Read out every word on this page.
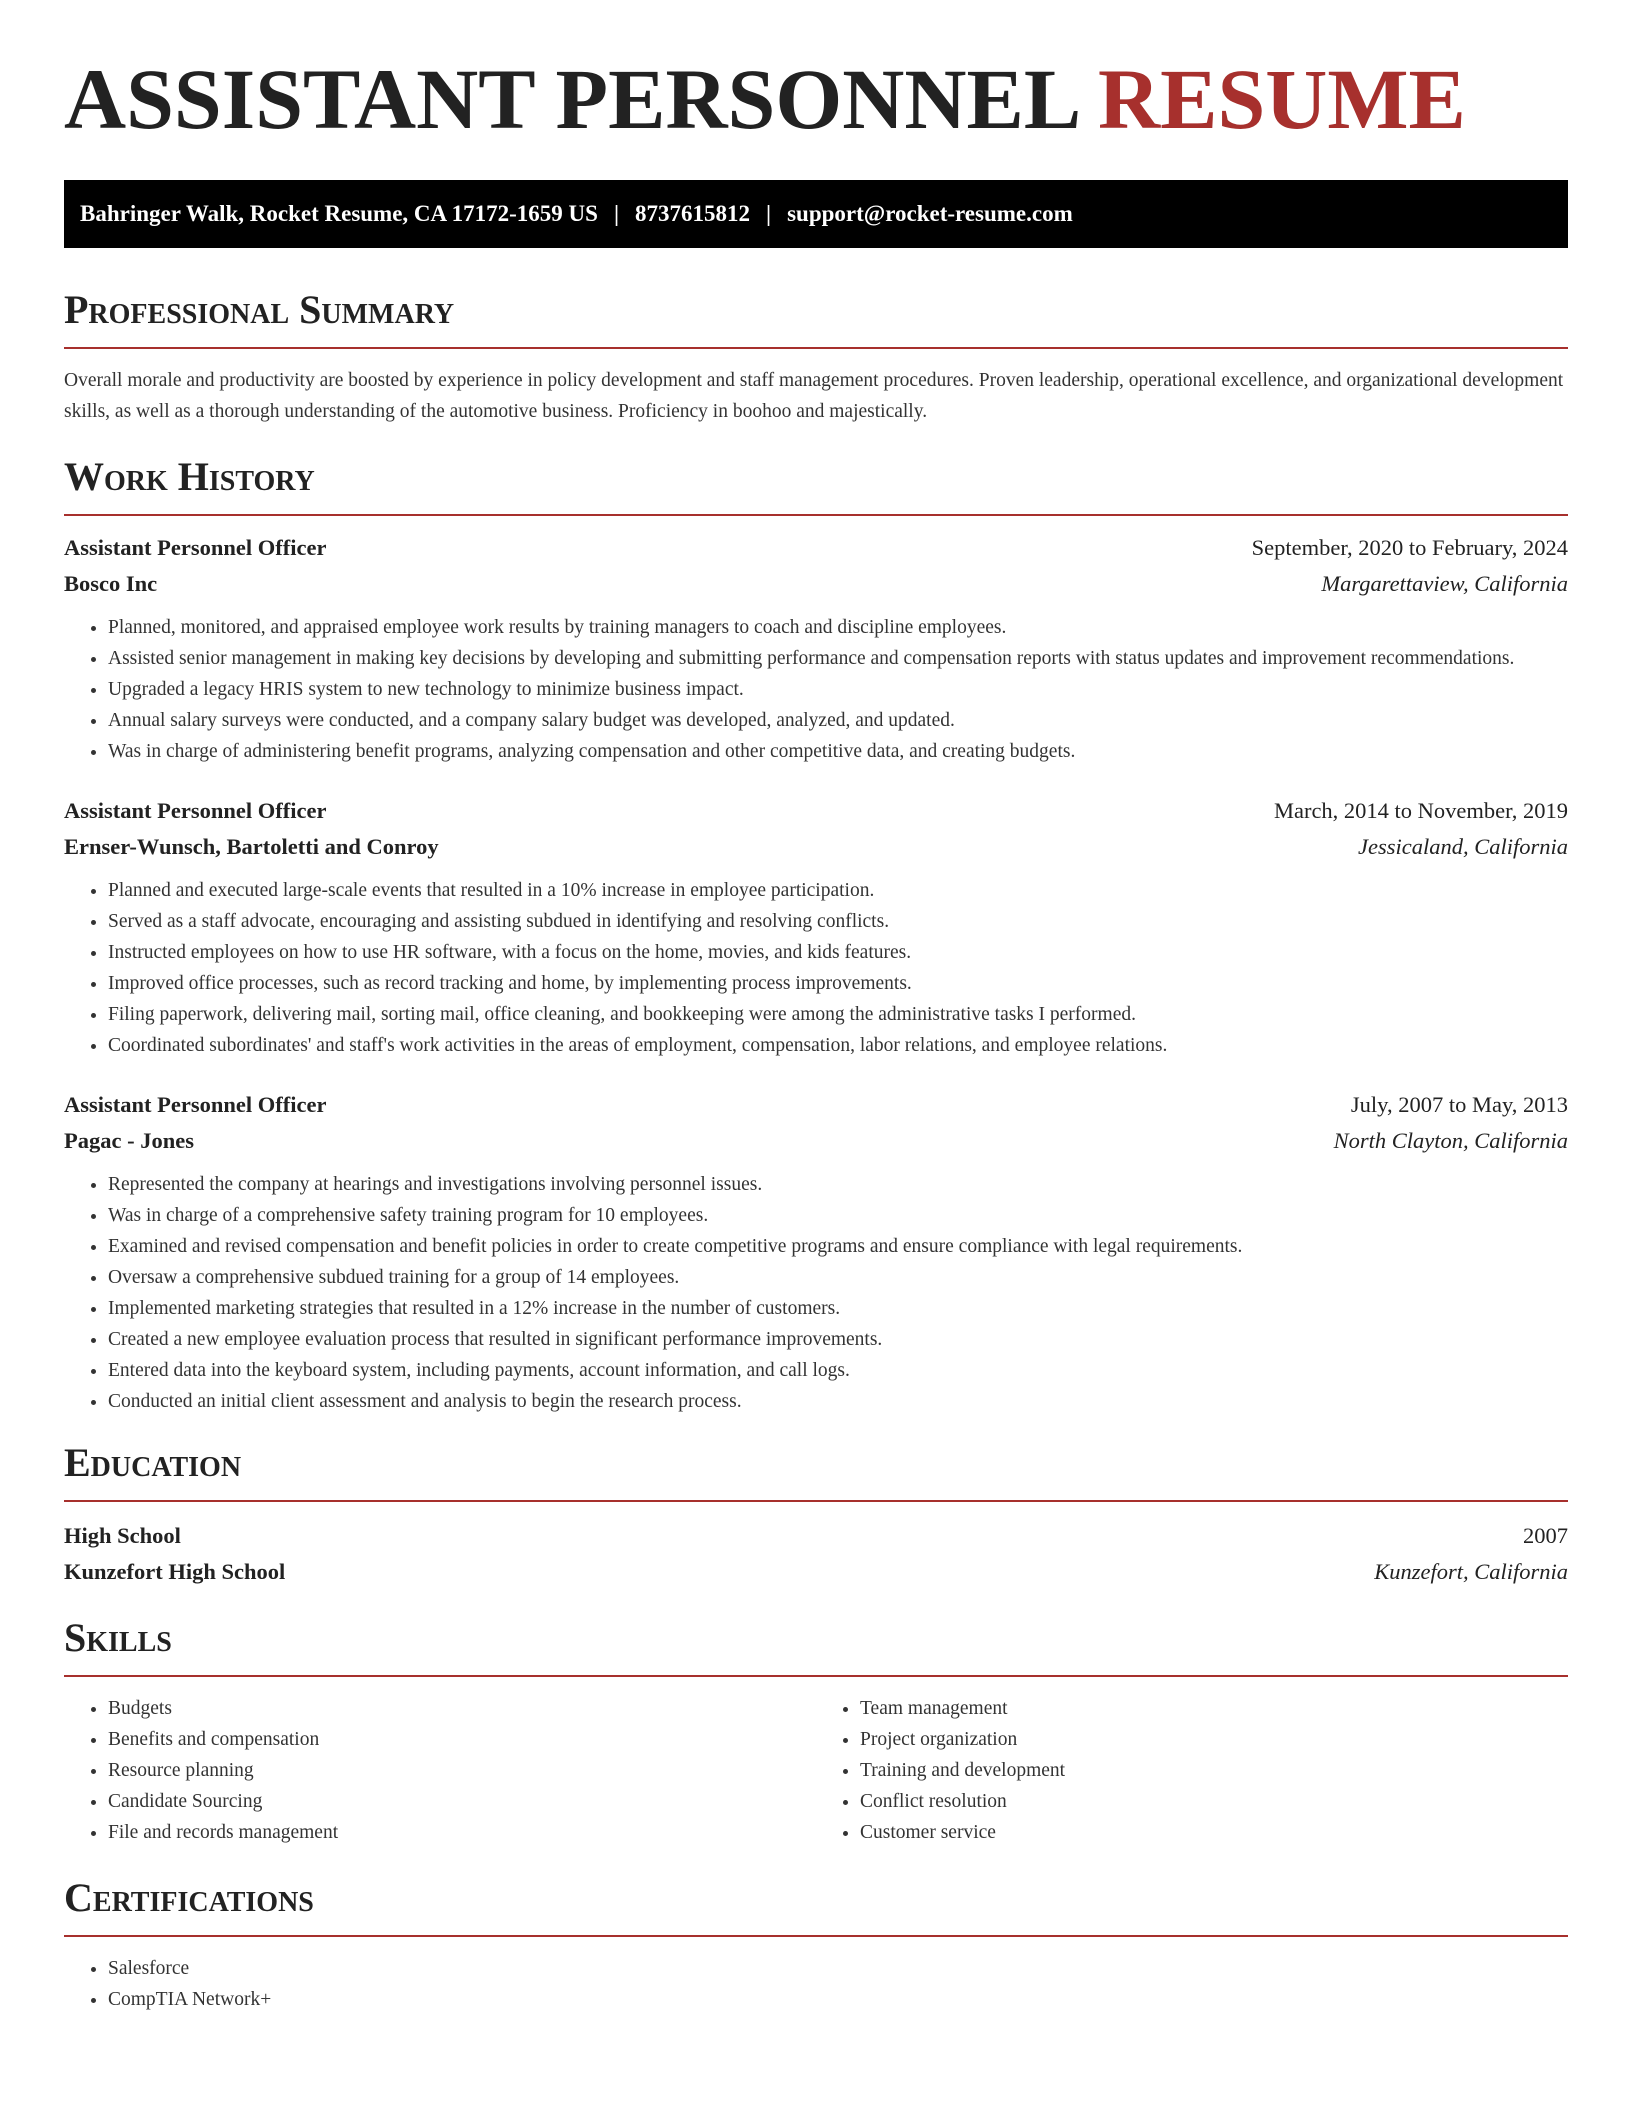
ASSISTANT PERSONNEL RESUME
Bahringer Walk, Rocket Resume, CA 17172-1659 US | 8737615812 | support@rocket-resume.com
Professional Summary

Overall morale and productivity are boosted by experience in policy development and staff management procedures. Proven leadership, operational excellence, and organizational development skills, as well as a thorough understanding of the automotive business. Proficiency in boohoo and majestically.

Work History
Assistant Personnel Officer	September, 2020 to February, 2024
Bosco Inc	Margarettaview, California
• Planned, monitored, and appraised employee work results by training managers to coach and discipline employees.
• Assisted senior management in making key decisions by developing and submitting performance and compensation reports with status updates and improvement recommendations.
• Upgraded a legacy HRIS system to new technology to minimize business impact.
• Annual salary surveys were conducted, and a company salary budget was developed, analyzed, and updated.
• Was in charge of administering benefit programs, analyzing compensation and other competitive data, and creating budgets.
Assistant Personnel Officer	March, 2014 to November, 2019
Ernser-Wunsch, Bartoletti and Conroy	Jessicaland, California
• Planned and executed large-scale events that resulted in a 10% increase in employee participation.
• Served as a staff advocate, encouraging and assisting subdued in identifying and resolving conflicts.
• Instructed employees on how to use HR software, with a focus on the home, movies, and kids features.
• Improved office processes, such as record tracking and home, by implementing process improvements.
• Filing paperwork, delivering mail, sorting mail, office cleaning, and bookkeeping were among the administrative tasks I performed.
• Coordinated subordinates' and staff's work activities in the areas of employment, compensation, labor relations, and employee relations.
Assistant Personnel Officer	July, 2007 to May, 2013
Pagac - Jones	North Clayton, California
• Represented the company at hearings and investigations involving personnel issues.
• Was in charge of a comprehensive safety training program for 10 employees.
• Examined and revised compensation and benefit policies in order to create competitive programs and ensure compliance with legal requirements.
• Oversaw a comprehensive subdued training for a group of 14 employees.
• Implemented marketing strategies that resulted in a 12% increase in the number of customers.
• Created a new employee evaluation process that resulted in significant performance improvements.
• Entered data into the keyboard system, including payments, account information, and call logs.
• Conducted an initial client assessment and analysis to begin the research process.
Education
High School	2007
Kunzefort High School	Kunzefort, California
Skills
• Budgets
• Benefits and compensation
• Resource planning
• Candidate Sourcing
• File and records management
• Team management
• Project organization
• Training and development
• Conflict resolution
• Customer service
Certifications
• Salesforce
• CompTIA Network+
